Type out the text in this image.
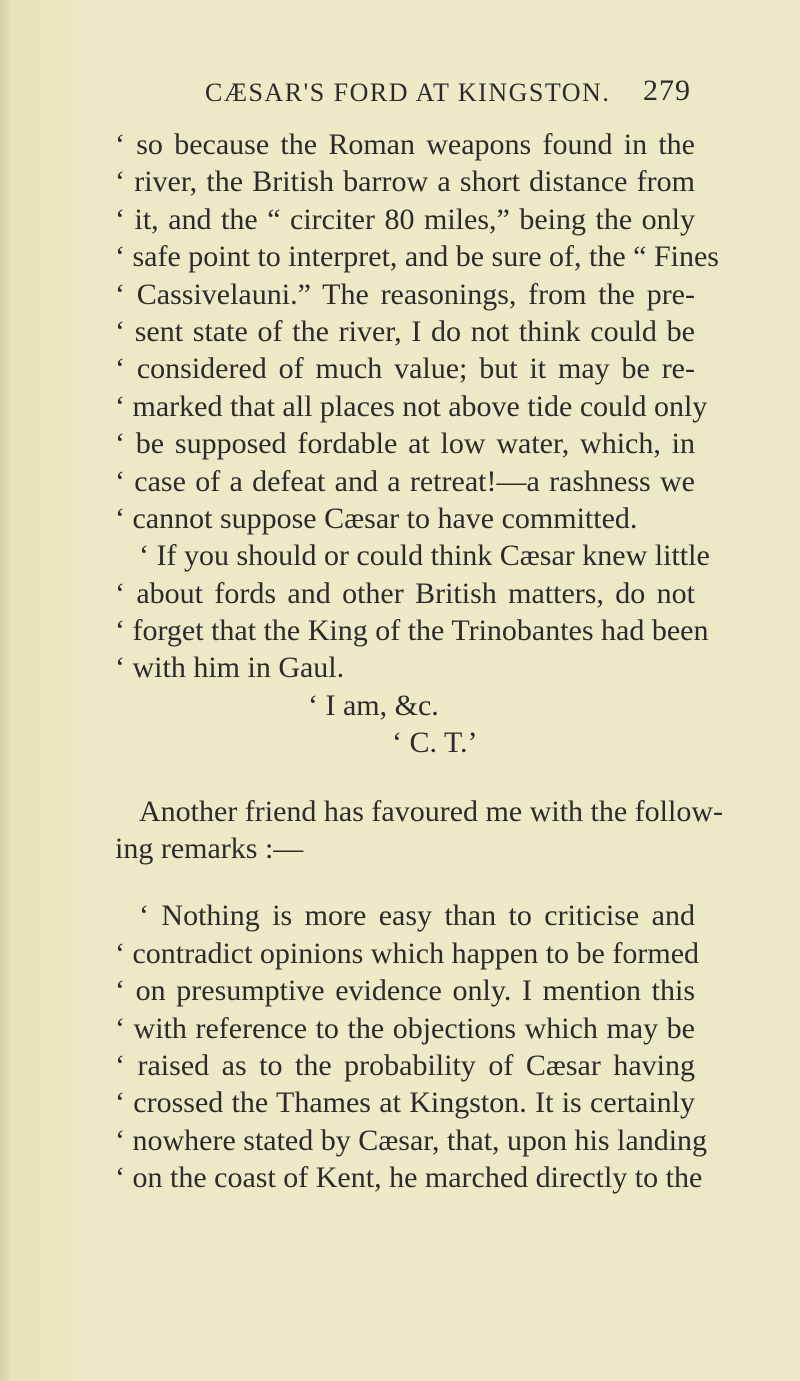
CÆSAR'S FORD AT KINGSTON. 279
‘ so because the Roman weapons found in the
‘ river, the British barrow a short distance from
‘ it, and the “ circiter 80 miles,” being the only
‘ safe point to interpret, and be sure of, the “ Fines
‘ Cassivelauni.” The reasonings, from the pre-
‘ sent state of the river, I do not think could be
‘ considered of much value; but it may be re-
‘ marked that all places not above tide could only
‘ be supposed fordable at low water, which, in
‘ case of a defeat and a retreat!—a rashness we
‘ cannot suppose Cæsar to have committed.
‘ If you should or could think Cæsar knew little
‘ about fords and other British matters, do not
‘ forget that the King of the Trinobantes had been
‘ with him in Gaul.
‘ I am, &c.
‘ C. T.’
Another friend has favoured me with the follow-
ing remarks :—
‘ Nothing is more easy than to criticise and
‘ contradict opinions which happen to be formed
‘ on presumptive evidence only. I mention this
‘ with reference to the objections which may be
‘ raised as to the probability of Cæsar having
‘ crossed the Thames at Kingston. It is certainly
‘ nowhere stated by Cæsar, that, upon his landing
‘ on the coast of Kent, he marched directly to the
